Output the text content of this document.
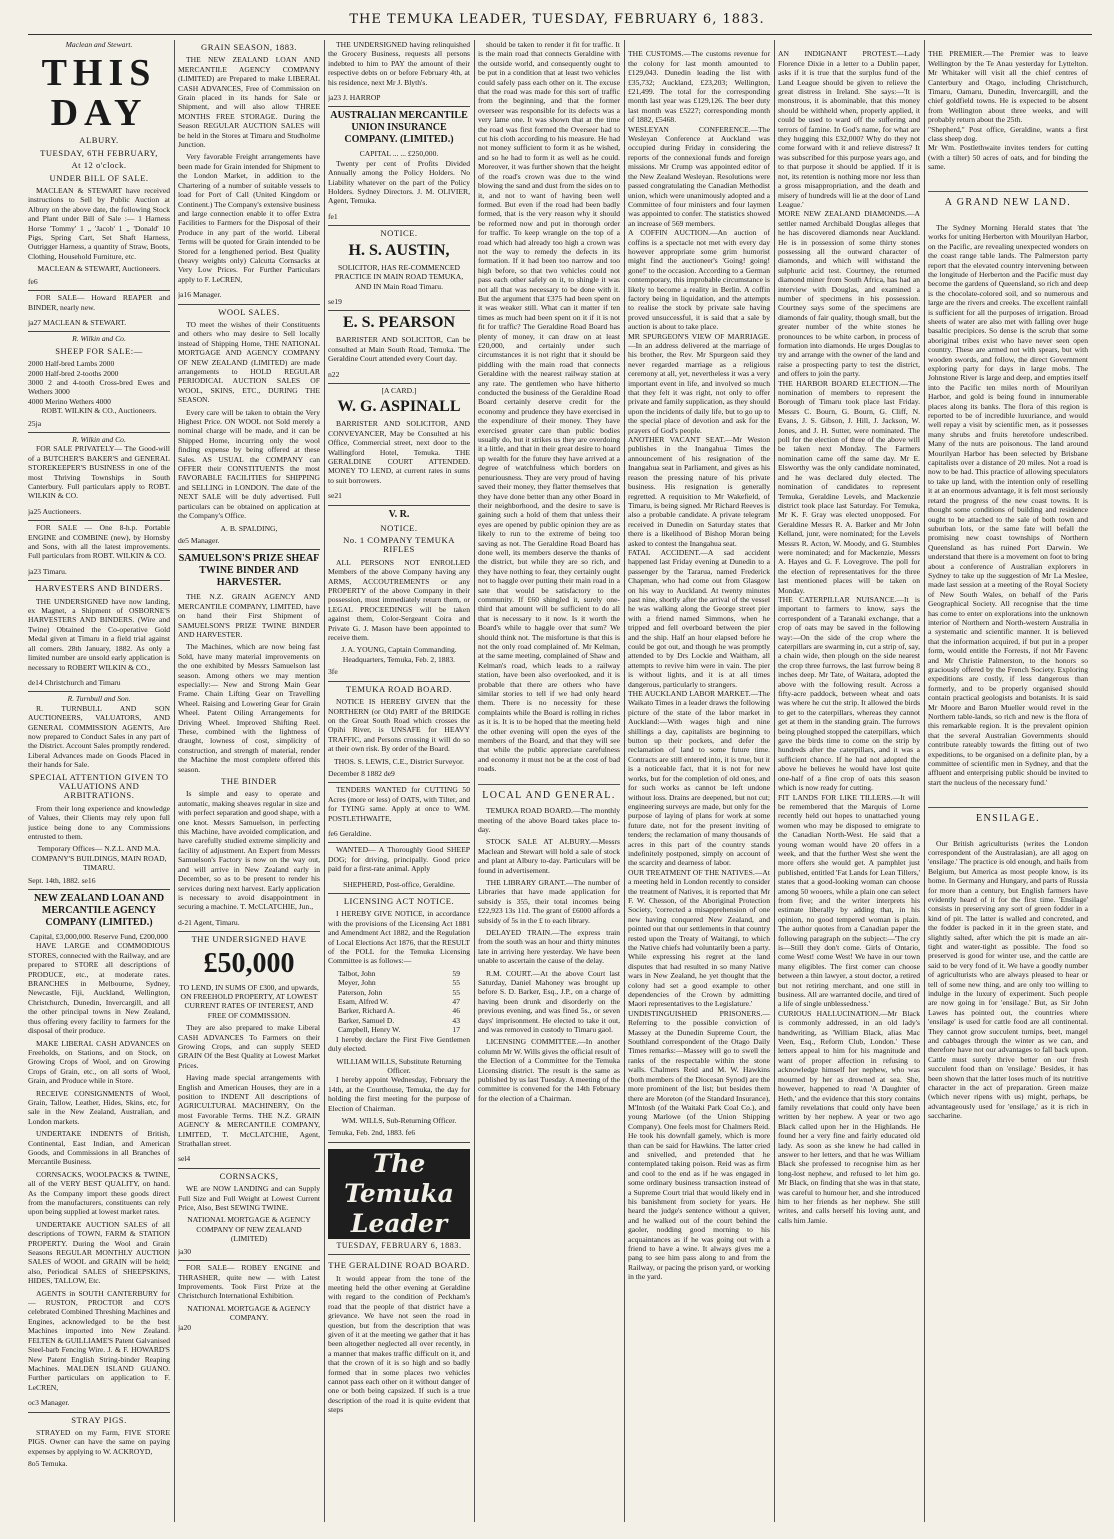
THE TEMUKA LEADER, TUESDAY, FEBRUARY 6, 1883.
Maclean and Stewart.
THIS DAY
ALBURY.
TUESDAY, 6TH FEBRUARY,
At 12 o'clock.
UNDER BILL OF SALE.

MACLEAN & STEWART have received instructions to Sell by Public Auction at Albury on the above date, the following Stock and Plant under Bill of Sale :— 1 Harness Horse 'Tommy' 1 „ 'Jacob' 1 „ 'Donald' 10 Pigs, Spring Cart, Set Shaft Harness, Outrigger Harness, a quantity of Straw, Boots, Clothing, Household Furniture, etc.

MACLEAN & STEWART, Auctioneers.
fe6

FOR SALE— Howard REAPER and BINDER, nearly new.

ja27 MACLEAN & STEWART.
R. Wilkin and Co.
SHEEP FOR SALE:—
2000 Half-bred Lambs 2000
2000 Half-bred 2-tooths 2000
3000 2 and 4-tooth Cross-bred Ewes and Wethers 3000
4000 Merino Wethers 4000
ROBT. WILKIN & CO., Auctioneers.
25ja
R. Wilkin and Co.

FOR SALE PRIVATELY— The Good-will of a BUTCHER'S BAKER'S and GENERAL STOREKEEPER'S BUSINESS in one of the most Thriving Townships in South Canterbury. Full particulars apply to ROBT. WILKIN & CO.

ja25 Auctioneers.

FOR SALE — One 8-h.p. Portable ENGINE and COMBINE (new), by Hornsby and Sons, with all the latest improvements. Full particulars from ROBT. WILKIN & CO.

ja23 Timaru.
HARVESTERS AND BINDERS.

THE UNDERSIGNED have now landing, ex Magnet, a Shipment of OSBORNE'S HARVESTERS AND BINDERS. (Wire and Twine) Obtained the Co-operative Gold Medal given at Timaru in a field trial against all comers. 28th January, 1882. As only a limited number are unsold early application is necessary to ROBERT WILKIN & CO.,

de14 Christchurch and Timaru
R. Turnbull and Son.

R. TURNBULL AND SON AUCTIONEERS, VALUATORS, AND GENERAL COMMISSION AGENTS, Are now prepared to Conduct Sales in any part of the District. Account Sales promptly rendered. Liberal Advances made on Goods Placed in their hands for Sale.

SPECIAL ATTENTION GIVEN TO VALUATIONS AND ARBITRATIONS.

From their long experience and knowledge of Values, their Clients may rely upon full justice being done to any Commissions entrusted to them.

Temporary Offices— N.Z.L. AND M.A. COMPANY'S BUILDINGS, MAIN ROAD, TIMARU.
Sept. 14th, 1882. se16
NEW ZEALAND LOAN AND MERCANTILE AGENCY COMPANY (LIMITED.)
Capital, £3,000,000. Reserve Fund, £200,000

HAVE LARGE and COMMODIOUS STORES, connected with the Railway, and are prepared to STORE all descriptions of PRODUCE, etc., at moderate rates. BRANCHES in Melbourne, Sydney, Newcastle, Fiji, Auckland, Wellington, Christchurch, Dunedin, Invercargill, and all the other principal towns in New Zealand, thus offering every facility to farmers for the disposal of their produce.

MAKE LIBERAL CASH ADVANCES on Freeholds, on Stations, and on Stock, on Growing Crops of Wool, and on Growing Crops of Grain, etc., on all sorts of Wool, Grain, and Produce while in Store.

RECEIVE CONSIGNMENTS of Wool, Grain, Tallow, Leather, Hides, Skins, etc, for sale in the New Zealand, Australian, and London markets.

UNDERTAKE INDENTS of British, Continental, East Indian, and American Goods, and Commissions in all Branches of Mercantile Business.

CORNSACKS, WOOLPACKS & TWINE, all of the VERY BEST QUALITY, on hand. As the Company import these goods direct from the manufacturers, constituents can rely upon being supplied at lowest market rates.

UNDERTAKE AUCTION SALES of all descriptions of TOWN, FARM & STATION PROPERTY. During the Wool and Grain Seasons REGULAR MONTHLY AUCTION SALES of WOOL and GRAIN will be held; also, Periodical SALES of SHEEPSKINS, HIDES, TALLOW, Etc.

AGENTS in SOUTH CANTERBURY for— RUSTON, PROCTOR and CO'S celebrated Combined Threshing Machines and Engines, acknowledged to be the best Machines imported into New Zealand. FELTEN & GUILLIAME'S Patent Galvanised Steel-barb Fencing Wire. J. & F. HOWARD'S New Patent English String-binder Reaping Machines. MALDEN ISLAND GUANO. Further particulars on application to F. LeCREN,

oc3 Manager.
STRAY PIGS.

STRAYED on my Farm, FIVE STORE PIGS. Owner can have the same on paying expenses by applying to W. ACKROYD,

8o5 Temuka.
GRAIN SEASON, 1883.

THE NEW ZEALAND LOAN AND MERCANTILE AGENCY COMPANY (LIMITED) are Prepared to make LIBERAL CASH ADVANCES, Free of Commission on Grain placed in its hands for Sale or Shipment, and will also allow THREE MONTHS FREE STORAGE. During the Season REGULAR AUCTION SALES will be held in the Stores at Timaru and Studholme Junction.

Very favorable Freight arrangements have been made for Grain intended for Shipment to the London Market, in addition to the Chartering of a number of suitable vessels to load for Port of Call (United Kingdom or Continent.) The Company's extensive business and large connection enable it to offer Extra Facilities to Farmers for the Disposal of their Produce in any part of the world. Liberal Terms will be quoted for Grain intended to be Stored for a lengthened period. Best Quality (heavy weights only) Calcutta Cornsacks at Very Low Prices. For Further Particulars apply to F. LeCREN,

ja16 Manager.
WOOL SALES.

TO meet the wishes of their Constituents and others who may desire to Sell locally instead of Shipping Home, THE NATIONAL MORTGAGE AND AGENCY COMPANY OF NEW ZEALAND (LIMITED) are made arrangements to HOLD REGULAR PERIODICAL AUCTION SALES OF WOOL, SKINS, ETC., DURING THE SEASON.

Every care will be taken to obtain the Very Highest Price. ON WOOL not Sold merely a nominal charge will be made, and it can be Shipped Home, incurring only the wool finding expense by being offered at these Sales. AS USUAL the COMPANY can OFFER their CONSTITUENTS the most FAVORABLE FACILITIES for SHIPPING and SELLING in LONDON. The date of the NEXT SALE will be duly advertised. Full particulars can be obtained on application at the Company's Office.

A. B. SPALDING,
de5 Manager.
SAMUELSON'S PRIZE SHEAF TWINE BINDER AND HARVESTER.

THE N.Z. GRAIN AGENCY AND MERCANTILE COMPANY, LIMITED, have on hand their First Shipment of SAMUELSON'S PRIZE TWINE BINDER AND HARVESTER.

The Machines, which are now being fast Sold, have many material improvements on the one exhibited by Messrs Samuelson last season. Among others we may mention especially:— New and Strong Main Gear Frame. Chain Lifting Gear on Travelling Wheel. Raising and Lowering Gear for Grain Wheel. Patent Oiling Arrangements for Driving Wheel. Improved Shifting Reel. These, combined with the lightness of draught, lowness of cost, simplicity of construction, and strength of material, render the Machine the most complete offered this season.

THE BINDER

Is simple and easy to operate and automatic, making sheaves regular in size and with perfect separation and good shape, with a one knot. Messrs Samuelson, in perfecting this Machine, have avoided complication, and have carefully studied extreme simplicity and facility of adjustment. An Expert from Messrs Samuelson's Factory is now on the way out, and will arrive in New Zealand early in December, so as to be present to render his services during next harvest. Early application is necessary to avoid disappointment in securing a machine. T. McCLATCHIE, Jun.,

d-21 Agent, Timaru.
THE UNDERSIGNED HAVE
£50,000

TO LEND, IN SUMS OF £300, and upwards, ON FREEHOLD PROPERTY, AT LOWEST CURRENT RATES OF INTEREST, AND FREE OF COMMISSION.

They are also prepared to make Liberal CASH ADVANCES To Farmers on their Growing Crops, and can supply SEED GRAIN Of the Best Quality at Lowest Market Prices.

Having made special arrangements with English and American Houses, they are in a position to INDENT All descriptions of AGRICULTURAL MACHINERY, On the most Favorable Terms. THE N.Z. GRAIN AGENCY & MERCANTILE COMPANY, LIMITED, T. McCLATCHIE, Agent, Strathallan street.

sel4
CORNSACKS,

WE are NOW LANDING and can Supply Full Size and Full Weight at Lowest Current Price, Also, Best SEWING TWINE.

NATIONAL MORTGAGE & AGENCY COMPANY OF NEW ZEALAND (LIMITED)
ja30

FOR SALE— ROBEY ENGINE and THRASHER, quite new — with Latest Improvements. Took First Prize at the Christchurch International Exhibition.

NATIONAL MORTGAGE & AGENCY COMPANY.
ja20

THE UNDERSIGNED having relinquished the Grocery Business, requests all persons indebted to him to PAY the amount of their respective debts on or before February 4th, at his residence, next Mr J. Blyth's.

ja23 J. HARROP
AUSTRALIAN MERCANTILE UNION INSURANCE COMPANY. (LIMITED.)
CAPITAL ... ... £250,000.

Twenty per cent of Profits Divided Annually among the Policy Holders. No Liability whatever on the part of the Policy Holders. Sydney Directors. J. M. OLIVIER, Agent, Temuka.

fe1
NOTICE.
H. S. AUSTIN,

SOLICITOR, HAS RE-COMMENCED PRACTICE IN MAIN ROAD TEMUKA, AND IN Main Road Timaru.

se19
E. S. PEARSON

BARRISTER AND SOLICITOR, Can be consulted at Main South Road, Temuka. The Geraldine Court attended every Court day.

n22
[A CARD.]
W. G. ASPINALL

BARRISTER AND SOLICITOR, AND CONVEYANCER, May be Consulted at his Office, Commercial street, next door to the Wallingford Hotel, Temuka. THE GERALDINE COURT ATTENDED. MONEY TO LEND, at current rates in sums to suit borrowers.

se21
V. R.
NOTICE.
No. 1 COMPANY TEMUKA RIFLES

ALL PERSONS NOT ENROLLED Members of the above Company having any ARMS, ACCOUTREMENTS or any PROPERTY of the above Company in their possession, must immediately return them, or LEGAL PROCEEDINGS will be taken against them, Color-Sergeant Coira and Private G. J. Mason have been appointed to receive them.

J. A. YOUNG, Captain Commanding. Headquarters, Temuka, Feb. 2, 1883.
3fe
TEMUKA ROAD BOARD.

NOTICE IS HEREBY GIVEN that the NORTHERN (or Old) PART of the BRIDGE on the Great South Road which crosses the Opihi River, is UNSAFE for HEAVY TRAFFIC, and Persons crossing it will do so at their own risk. By order of the Board.

THOS. S. LEWIS, C.E., District Surveyor.
December 8 1882 de9

TENDERS WANTED for CUTTING 50 Acres (more or less) of OATS, with Tilter, and for TYING same. Apply at once to WM. POSTLETHWAITE,

fe6 Geraldine.

WANTED— A Thoroughly Good SHEEP DOG; for driving, principally. Good price paid for a first-rate animal. Apply

SHEPHERD, Post-office, Geraldine.
LICENSING ACT NOTICE.

I HEREBY GIVE NOTICE, in accordance with the provisions of the Licensing Act 1881 and Amendment Act 1882, and the Regulation of Local Elections Act 1876, that the RESULT of the POLL for the Temuka Licensing Committee is as follows:—

Talbot, John	59
Meyer, John	55
Paterson, John	55
Esam, Alfred W.	47
Barker, Richard A.	46
Barker, Samuel D.	43
Campbell, Henry W.	17

I hereby declare the First Five Gentlemen duly elected.

WILLIAM WILLS, Substitute Returning Officer.

I hereby appoint Wednesday, February the 14th, at the Courthouse, Temuka, the day for holding the first meeting for the purpose of Election of Chairman.

WM. WILLS, Sub-Returning Officer.
Temuka, Feb. 2nd, 1883. fe6
The Temuka Leader
TUESDAY, FEBRUARY 6, 1883.
THE GERALDINE ROAD BOARD.

It would appear from the tone of the meeting held the other evening at Geraldine with regard to the condition of Peckham's road that the people of that district have a grievance. We have not seen the road in question, but from the description that was given of it at the meeting we gather that it has been altogether neglected all over recently, in a manner that makes traffic difficult on it, and that the crown of it is so high and so badly formed that in some places two vehicles cannot pass each other on it without danger of one or both being capsized. If such is a true description of the road it is quite evident that steps

should be taken to render it fit for traffic. It is the main road that connects Geraldine with the outside world, and consequently ought to be put in a condition that at least two vehicles could safely pass each other on it. The excuse that the road was made for this sort of traffic from the beginning, and that the former overseer was responsible for its defects was a very lame one. It was shown that at the time the road was first formed the Overseer had to cut his cloth according to his measure. He had not money sufficient to form it as he wished, and so he had to form it as well as he could. Moreover, it was further shown that the height of the road's crown was due to the wind blowing the sand and dust from the sides on to it, and not to want of having been well formed. But even if the road had been badly formed, that is the very reason why it should be reformed now and put in thorough order for traffic. To keep wrangle on the top of a road which had already too high a crown was not the way to remedy the defects in its formation. If it had been too narrow and too high before, so that two vehicles could not pass each other safely on it, to shingle it was not all that was necessary to be done with it. But the argument that £375 had been spent on it was weaker still. What can it matter if ten times as much had been spent on it if it is not fit for traffic? The Geraldine Road Board has plenty of money, it can draw on at least £20,000, and certainly under such circumstances it is not right that it should be piddling with the main road that connects Geraldine with the nearest railway station at any rate. The gentlemen who have hitherto conducted the business of the Geraldine Road Board certainly deserve credit for the economy and prudence they have exercised in the expenditure of their money. They have exercised greater care than public bodies usually do, but it strikes us they are overdoing it a little, and that in their great desire to hoard up wealth for the future they have arrived at a degree of watchfulness which borders on penuriousness. They are very proud of having saved their money, they flatter themselves that they have done better than any other Board in their neighborhood, and the desire to save is gaining such a hold of them that unless their eyes are opened by public opinion they are as likely to run to the extreme of being too saving as not. The Geraldine Road Board has done well, its members deserve the thanks of the district, but while they are so rich, and they have nothing to fear, they certainly ought not to haggle over putting their main road in a sate that would be satisfactory to the community. If £60 shingled it, surely one-third that amount will be sufficient to do all that is necessary to it now. Is it worth the Board's while to haggle over that sum? We should think not. The misfortune is that this is not the only road complained of. Mr Kelman, at the same meeting, complained of Shaw and Kelman's road, which leads to a railway station, have been also overlooked, and it is probable that there are others who have similar stories to tell if we had only heard them. There is no necessity for these complaints while the Board is rolling in riches as it is. It is to be hoped that the meeting held the other evening will open the eyes of the members of the Board, and that they will see that while the public appreciate carefulness and economy it must not be at the cost of bad roads.

LOCAL AND GENERAL.

TEMUKA ROAD BOARD.—The monthly meeting of the above Board takes place to-day.

STOCK SALE AT ALBURY.—Messrs Maclean and Stewart will hold a sale of stock and plant at Albury to-day. Particulars will be found in advertisement.

THE LIBRARY GRANT.—The number of Libraries that have made application for subsidy is 355, their total incomes being £22,923 13s 11d. The grant of £6000 affords a subsidy of 5s in the £ to each library.

DELAYED TRAIN.—The express train from the south was an hour and thirty minutes late in arriving here yesterday. We have been unable to ascertain the cause of the delay.

R.M. COURT.—At the above Court last Saturday, Daniel Mahoney was brought up before S. D. Barker, Esq., J.P., on a charge of having been drunk and disorderly on the previous evening, and was fined 5s., or seven days' imprisonment. He elected to take it out, and was removed in custody to Timaru gaol.

LICENSING COMMITTEE.—In another column Mr W. Wills gives the official result of the Election of a Committee for the Temuka Licensing district. The result is the same as published by us last Tuesday. A meeting of the committee is convened for the 14th February for the election of a Chairman.

THE CUSTOMS.—The customs revenue for the colony for last month amounted to £129,043. Dunedin leading the list with £35,732; Auckland, £23,203; Wellington, £21,499. The total for the corresponding month last year was £129,126. The beer duty last month was £5227; corresponding month of 1882, £5468.
WESLEYAN CONFERENCE.—The Wesleyan Conference at Auckland was occupied during Friday in considering the reports of the connexional funds and foreign missions. Mr Crump was appointed editor of the New Zealand Wesleyan. Resolutions were passed congratulating the Canadian Methodist union, which were unanimously adopted and a Committee of four ministers and four laymen was appointed to confer. The statistics showed an increase of 569 members.
A COFFIN AUCTION.—An auction of coffins is a spectacle not met with every day however appropriate some grim humorist might find the auctioneer's 'Going! going! gone!' to the occasion. According to a German contemporary, this improbable circumstance is likely to become a reality in Berlin. A coffin factory being in liquidation, and the attempts to realise the stock by private sale having proved unsuccessful, it is said that a sale by auction is about to take place.
MR SPURGEON'S VIEW OF MARRIAGE.—In an address delivered at the marriage of his brother, the Rev. Mr Spurgeon said they never regarded marriage as a religious ceremony at all, yet, nevertheless it was a very important event in life, and involved so much that they felt it was right, not only to offer private and family supplication, as they should upon the incidents of daily life, but to go up to the special place of devotion and ask for the prayers of God's people.
ANOTHER VACANT SEAT.—Mr Weston publishes in the Inangahua Times the announcement of his resignation of the Inangahua seat in Parliament, and gives as his reason the pressing nature of his private business. His resignation is generally regretted. A requisition to Mr Wakefield, of Timaru, is being signed. Mr Richard Reeves is also a probable candidate. A private telegram received in Dunedin on Saturday states that there is a likelihood of Bishop Moran being asked to contest the Inangahua seat.
FATAL ACCIDENT.—A sad accident happened last Friday evening at Dunedin to a passenger by the Tararua, named Frederick Chapman, who had come out from Glasgow on his way to Auckland. At twenty minutes past nine, shortly after the arrival of the vessel he was walking along the George street pier with a friend named Simmons, when he tripped and fell overboard between the pier and the ship. Half an hour elapsed before he could be got out, and though he was promptly attended to by Drs Lockie and Waitham, all attempts to revive him were in vain. The pier is without lights, and it is at all times dangerous, particularly to strangers.
THE AUCKLAND LABOR MARKET.—The Waikato Times in a leader draws the following picture of the state of the labor market in Auckland:—With wages high and nine shillings a day, capitalists are beginning to button up their pockets, and defer the reclamation of land to some future time. Contracts are still entered into, it is true, but it is a noticeable fact, that it is not for new works, but for the completion of old ones, and for such works as cannot be left undone without loss. Drains are deepened, but not cut; engineering surveys are made, but only for the purpose of laying of plans for work at some future date, not for the present inviting of tenders; the reclamation of many thousands of acres in this part of the country stands indefinitely postponed, simply on account of the scarcity and dearness of labor.
OUR TREATMENT OF THE NATIVES.—At a meeting held in London recently to consider the treatment of Natives, it is reported that Mr F. W. Chesson, of the Aboriginal Protection Society, 'corrected a misapprehension of one new having conquered New Zealand, and pointed out that our settlements in that country rested upon the Treaty of Waitangi, to which the Native chiefs had voluntarily been a party. While expressing his regret at the land disputes that had resulted in so many Native wars in New Zealand, he yet thought that the colony had set a good example to other dependencies of the Crown by admitting Maori representatives to the Legislature.'
UNDISTINGUISHED PRISONERS.—Referring to the possible conviction of Massey at the Dunedin Supreme Court, the Southland correspondent of the Otago Daily Times remarks:—Massey will go to swell the ranks of the respectable within the stone walls. Chalmers Reid and M. W. Hawkins (both members of the Diocesan Synod) are the more prominent of the list; but besides them there are Moreton (of the Standard Insurance), M'Intosh (of the Waitaki Park Coal Co.), and young Marlowe (of the Union Shipping Company). One feels most for Chalmers Reid. He took his downfall gamely, which is more than can be said for Hawkins. The latter cried and snivelled, and pretended that he contemplated taking poison. Reid was as firm and cool to the end as if he was engaged in some ordinary business transaction instead of a Supreme Court trial that would likely end in his banishment from society for years. He heard the judge's sentence without a quiver, and he walked out of the court behind the gaoler, nodding good morning to his acquaintances as if he was going out with a friend to have a wine. It always gives me a pang to see him pass along to and from the Railway, or pacing the prison yard, or working in the yard.

AN INDIGNANT PROTEST.—Lady Florence Dixie in a letter to a Dublin paper, asks if it is true that the surplus fund of the Land League should be given to relieve the great distress in Ireland. She says:—'It is monstrous, it is abominable, that this money should be withheld when, properly applied, it could be used to ward off the suffering and terrors of famine. In God's name, for what are they hugging this £32,000? Why do they not come forward with it and relieve distress? It was subscribed for this purpose years ago, and to that purpose it should be applied. If it is not, its retention is nothing more nor less than a gross misappropriation, and the death and misery of hundreds will lie at the door of Land League.'
MORE NEW ZEALAND DIAMONDS.—A settler named Archibald Douglas alleges that he has discovered diamonds near Auckland. He is in possession of some thirty stones possessing all the outward character of diamonds, and which will withstand the sulphuric acid test. Courtney, the returned diamond miner from South Africa, has had an interview with Douglas, and examined a number of specimens in his possession. Courtney says some of the specimens are diamonds of fair quality, though small, but the greater number of the white stones he pronounces to be white carbon, in process of formation into diamonds. He urges Douglas to try and arrange with the owner of the land and raise a prospecting party to test the district, and offers to join the party.
THE HARBOR BOARD ELECTION.—The nomination of members to represent the Borough of Timaru took place last Friday. Messrs C. Bourn, G. Bourn, G. Cliff, N. Evans, J. S. Gibson, J. Hill, J. Jackson, W. Jones, and J. H. Sutter, were nominated. The poll for the election of three of the above will be taken next Monday. The Farmers nomination came off the same day. Mr E. Elsworthy was the only candidate nominated, and he was declared duly elected. The nomination of candidates to represent Temuka, Geraldine Levels, and Mackenzie district took place last Saturday. For Temuka, Mr K. F. Gray was elected unopposed. For Geraldine Messrs R. A. Barker and Mr John Kelland, junr, were nominated; for the Levels Messrs R. Acton, W. Moody, and G. Stumbles were nominated; and for Mackenzie, Messrs A. Hayes and G. F. Lovegrove. The poll for the election of representatives for the three last mentioned places will be taken on Monday.
THE CATERPILLAR NUISANCE.—It is important to farmers to know, says the correspondent of a Taranaki exchange, that a crop of oats may be saved in the following way:—On the side of the crop where the caterpillars are swarming in, cut a strip of, say, a chain wide, then plough on the side nearest the crop three furrows, the last furrow being 8 inches deep. Mr Tate, of Waitara, adopted the above with the following result. Across a fifty-acre paddock, between wheat and oats was where he cut the strip. It allowed the birds to get to the caterpillars, whereas they cannot get at them in the standing grain. The furrows being ploughed stopped the caterpillars, which gave the birds time to come on the strip by hundreds after the caterpillars, and it was a sufficient chance. If he had not adopted the above he believes he would have lost quite one-half of a fine crop of oats this season which is now ready for cutting.
FIT LANDS FOR LIKE TILLERS.—It will be remembered that the Marquis of Lorne recently held out hopes to unattached young women who may be disposed to emigrate to the Canadian North-West. He said that a young woman would have 20 offers in a week, and that the further West she went the more offers she would get. A pamphlet just published, entitled 'Fat Lands for Lean Tillers,' states that a good-looking woman can choose among 50 wooers, while a plain one can select from five; and the writer interprets his estimate liberally by adding that, in his opinion, no good tempered woman is plain. The author quotes from a Canadian paper the following paragraph on the subject:—'The cry is—Still they don't come. Girls of Ontario, come West! come West! We have in our town many eligibles. The first comer can choose between a thin lawyer, a stout doctor, a retired but not retiring merchant, and one still in business. All are warranted docile, and tired of a life of single unblessedness.'
CURIOUS HALLUCINATION.—Mr Black is commonly addressed, in an old lady's handwriting, as 'William Black, alias Mac Veen, Esq., Reform Club, London.' These letters appeal to him for his magnitude and want of proper affection in refusing to acknowledge himself her nephew, who was mourned by her as drowned at sea. She, however, happened to read 'A Daughter of Heth,' and the evidence that this story contains family revelations that could only have been written by her nephew. A year or two ago Black called upon her in the Highlands. He found her a very fine and fairly educated old lady. As soon as she knew he had called in answer to her letters, and that he was William Black she professed to recognise him as her long-lost nephew, and refused to let him go. Mr Black, on finding that she was in that state, was careful to humour her, and she introduced him to her friends as her nephew. She still writes, and calls herself his loving aunt, and calls him Jamie.

THE PREMIER.—The Premier was to leave Wellington by the Te Anau yesterday for Lyttelton. Mr Whitaker will visit all the chief centres of Canterbury and Otago, including Christchurch, Timaru, Oamaru, Dunedin, Invercargill, and the chief goldfield towns. He is expected to be absent from Wellington about three weeks, and will probably return about the 25th.
"Shepherd," Post office, Geraldine, wants a first class sheep dog.
Mr Wm. Postlethwaite invites tenders for cutting (with a tilter) 50 acres of oats, and for binding the same.

A GRAND NEW LAND.

The Sydney Morning Herald states that 'the works for uniting Herberton with Mourilyan Harbor, on the Pacific, are revealing unexpected wonders on the coast range table lands. The Palmerston party report that the elevated country intervening between the longitude of Herberton and the Pacific must day become the gardens of Queensland, so rich and deep is the chocolate-colored soil, and so numerous and large are the rivers and creeks. The excellent rainfall is sufficient for all the purposes of irrigation. Broad sheets of water are also met with falling over huge basaltic precipices. So dense is the scrub that some aboriginal tribes exist who have never seen open country. These are armed not with spears, but with wooden swords, and follow, the direct Government exploring party for days in large mobs. The Johnstone River is large and deep, and empties itself into the Pacific ten miles north of Mourilyan Harbor, and gold is being found in innumerable places along its banks. The flora of this region is reported to be of incredible luxuriance, and would well repay a visit by scientific men, as it possesses many shrubs and fruits heretofore undescribed. Many of the nuts are poisonous. The land around Mourilyan Harbor has been selected by Brisbane capitalists over a distance of 20 miles. Not a road is now to be had. This practice of allowing speculators to take up land, with the intention only of reselling it at an enormous advantage, it is felt most seriously retard the progress of the new coast towns. It is thought some conditions of building and residence ought to be attached to the sale of both town and suburban lots, or the same fate will befall the promising new coast townships of Northern Queensland as has ruined Port Darwin. We understand that there is a movement on foot to bring about a conference of Australian explorers in Sydney to take up the suggestion of Mr La Meslee, made last session at a meeting of the Royal Society of New South Wales, on behalf of the Paris Geographical Society. All recognise that the time has come to enter on explorations into the unknown interior of Northern and North-western Australia in a systematic and scientific manner. It is believed that the information acquired, if but put in a proper form, would entitle the Forrests, if not Mr Favenc and Mr Christie Palmerston, to the honors so graciously offered by the French Society. Exploring expeditions are costly, if less dangerous than formerly, and to be properly organised should contain practical geologists and botanists. It is said Mr Moore and Baron Mueller would revel in the Northern table-lands, so rich and new is the flora of this remarkable region. It is the prevalent opinion that the several Australian Governments should contribute rateably towards the fitting out of two expeditions, to be organised on a definite plan, by a committee of scientific men in Sydney, and that the affluent and enterprising public should be invited to start the nucleus of the necessary fund.'

ENSILAGE.

Our British agriculturists (writes the London correspondent of the Australasian), are all agog on 'ensilage.' The practice is old enough, and hails from Belgium, but America as most people know, is its home. In Germany and Hungary, and parts of Russia for more than a century, but English farmers have evidently heard of it for the first time. 'Ensilage' consists in preserving any sort of green fodder in a kind of pit. The latter is walled and concreted, and the fodder is packed in it in the green state, and slightly salted, after which the pit is made an air-tight and water-tight as possible. The food so preserved is good for winter use, and the cattle are said to be very fond of it. We have a goodly number of agriculturists who are always pleased to hear or tell of some new thing, and are only too willing to indulge in the luxury of experiment. Such people are now going in for 'ensilage.' But, as Sir John Lawes has pointed out, the countries where 'ensilage' is used for cattle food are all continental. They cannot grow succulent turnips, beet, mangel and cabbages through the winter as we can, and therefore have not our advantages to fall back upon. Cattle must surely thrive better on our fresh succulent food than on 'ensilage.' Besides, it has been shown that the latter loses much of its nutritive character in the act of preparation. Green maize (which never ripens with us) might, perhaps, be advantageously used for 'ensilage,' as it is rich in saccharine.
